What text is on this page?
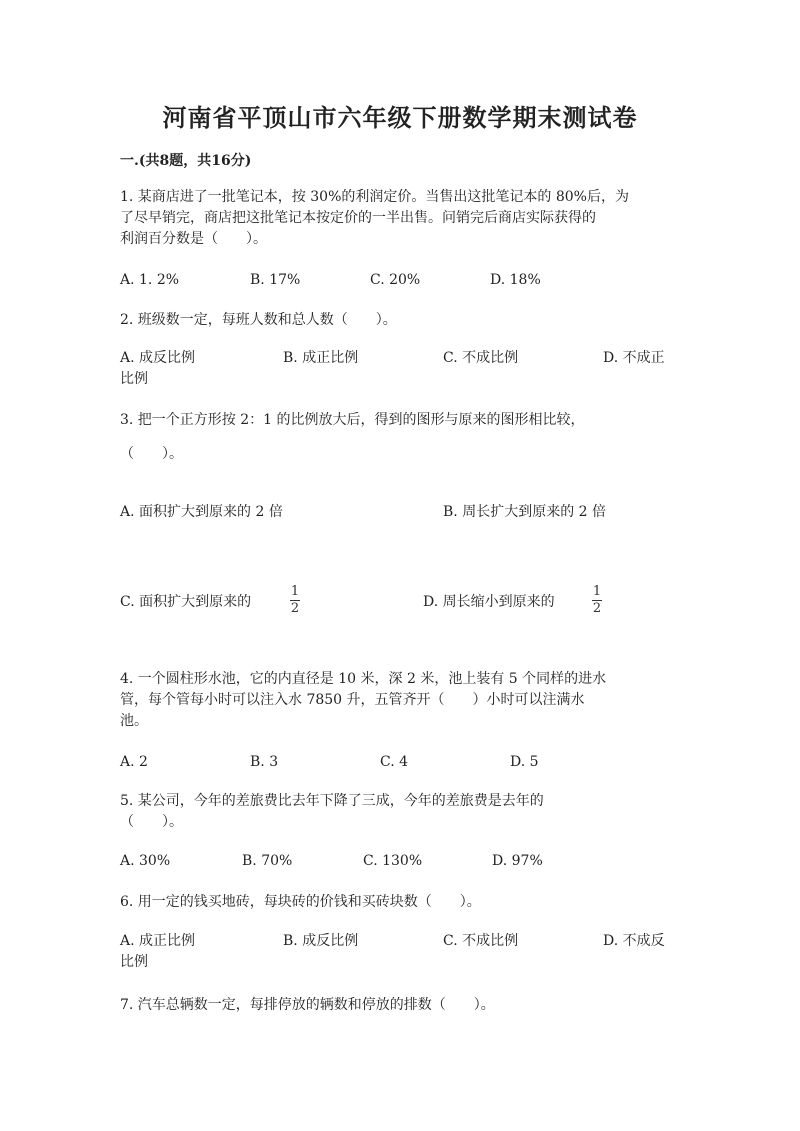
河南省平顶山市六年级下册数学期末测试卷
一.(共8题，共16分)
1. 某商店进了一批笔记本，按 30%的利润定价。当售出这批笔记本的 80%后，为
了尽早销完，商店把这批笔记本按定价的一半出售。问销完后商店实际获得的
利润百分数是（　　）。
A. 1. 2%	B. 17%	C. 20%	D. 18%
2. 班级数一定，每班人数和总人数（　　）。
A. 成反比例	B. 成正比例	C. 不成比例	D. 不成正
比例
3. 把一个正方形按 2：1 的比例放大后，得到的图形与原来的图形相比较，
（　　）。
A. 面积扩大到原来的 2 倍	B. 周长扩大到原来的 2 倍
C. 面积扩大到原来的	D. 周长缩小到原来的
1
2
1
2
4. 一个圆柱形水池，它的内直径是 10 米，深 2 米，池上装有 5 个同样的进水
管，每个管每小时可以注入水 7850 升，五管齐开（　　）小时可以注满水
池。
A. 2	B. 3	C. 4	D. 5
5. 某公司，今年的差旅费比去年下降了三成，今年的差旅费是去年的
（　　）。
A. 30%	B. 70%	C. 130%	D. 97%
6. 用一定的钱买地砖，每块砖的价钱和买砖块数（　　）。
A. 成正比例	B. 成反比例	C. 不成比例	D. 不成反
比例
7. 汽车总辆数一定，每排停放的辆数和停放的排数（　　）。
